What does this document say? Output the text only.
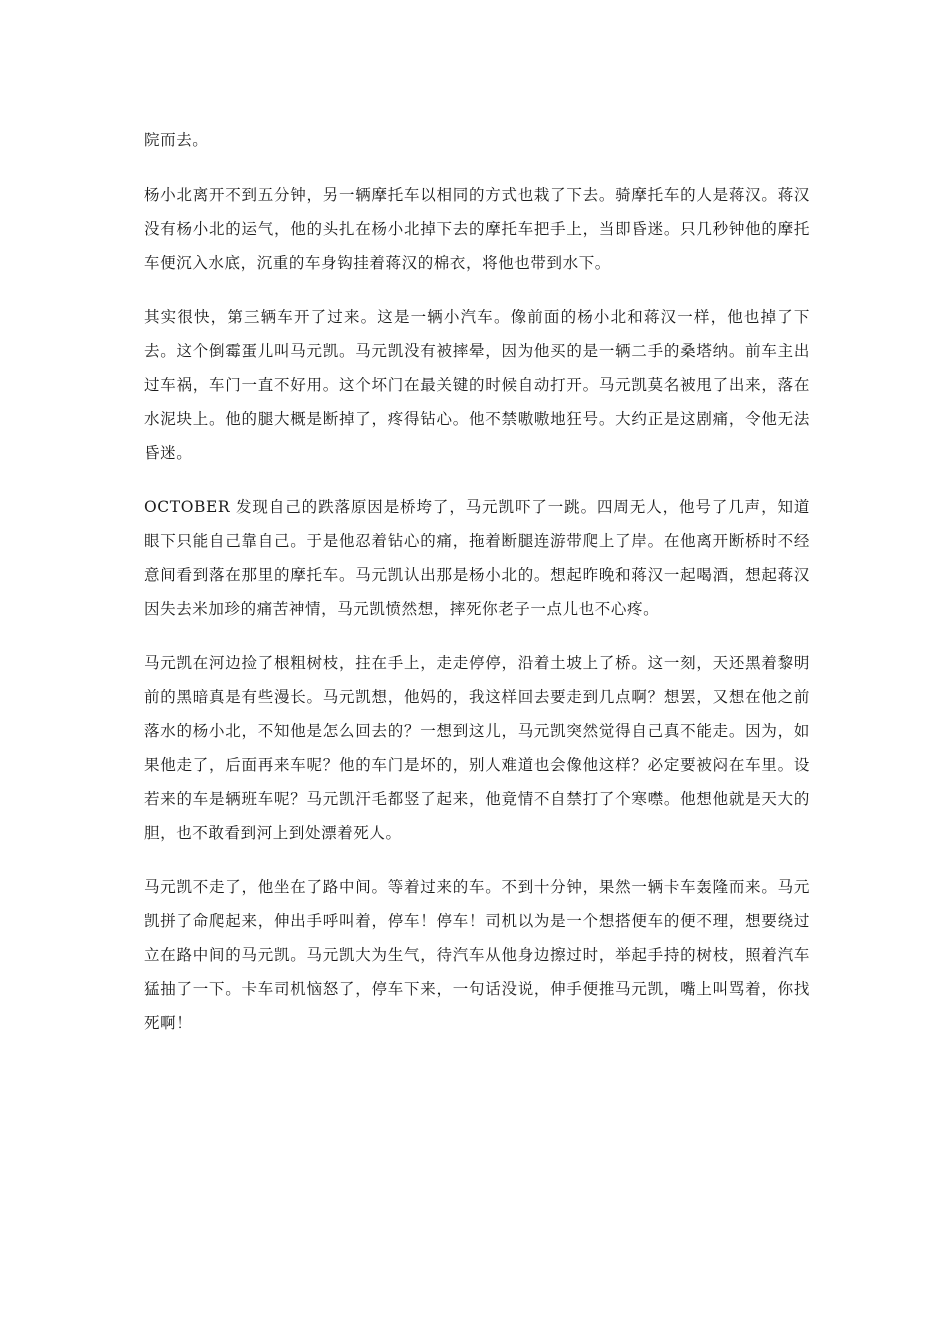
院而去。

杨小北离开不到五分钟，另一辆摩托车以相同的方式也栽了下去。骑摩托车的人是蒋汉。蒋汉没有杨小北的运气，他的头扎在杨小北掉下去的摩托车把手上，当即昏迷。只几秒钟他的摩托车便沉入水底，沉重的车身钩挂着蒋汉的棉衣，将他也带到水下。

其实很快，第三辆车开了过来。这是一辆小汽车。像前面的杨小北和蒋汉一样，他也掉了下去。这个倒霉蛋儿叫马元凯。马元凯没有被摔晕，因为他买的是一辆二手的桑塔纳。前车主出过车祸，车门一直不好用。这个坏门在最关键的时候自动打开。马元凯莫名被甩了出来，落在水泥块上。他的腿大概是断掉了，疼得钻心。他不禁嗷嗷地狂号。大约正是这剧痛，令他无法昏迷。

OCTOBER 发现自己的跌落原因是桥垮了，马元凯吓了一跳。四周无人，他号了几声，知道眼下只能自己靠自己。于是他忍着钻心的痛，拖着断腿连游带爬上了岸。在他离开断桥时不经意间看到落在那里的摩托车。马元凯认出那是杨小北的。想起昨晚和蒋汉一起喝酒，想起蒋汉因失去米加珍的痛苦神情，马元凯愤然想，摔死你老子一点儿也不心疼。

马元凯在河边捡了根粗树枝，拄在手上，走走停停，沿着土坡上了桥。这一刻，天还黑着黎明前的黑暗真是有些漫长。马元凯想，他妈的，我这样回去要走到几点啊？想罢，又想在他之前落水的杨小北，不知他是怎么回去的？一想到这儿，马元凯突然觉得自己真不能走。因为，如果他走了，后面再来车呢？他的车门是坏的，别人难道也会像他这样？必定要被闷在车里。设若来的车是辆班车呢？马元凯汗毛都竖了起来，他竟情不自禁打了个寒噤。他想他就是天大的胆，也不敢看到河上到处漂着死人。

马元凯不走了，他坐在了路中间。等着过来的车。不到十分钟，果然一辆卡车轰隆而来。马元凯拼了命爬起来，伸出手呼叫着，停车！停车！司机以为是一个想搭便车的便不理，想要绕过立在路中间的马元凯。马元凯大为生气，待汽车从他身边擦过时，举起手持的树枝，照着汽车猛抽了一下。卡车司机恼怒了，停车下来，一句话没说，伸手便推马元凯，嘴上叫骂着，你找死啊！
